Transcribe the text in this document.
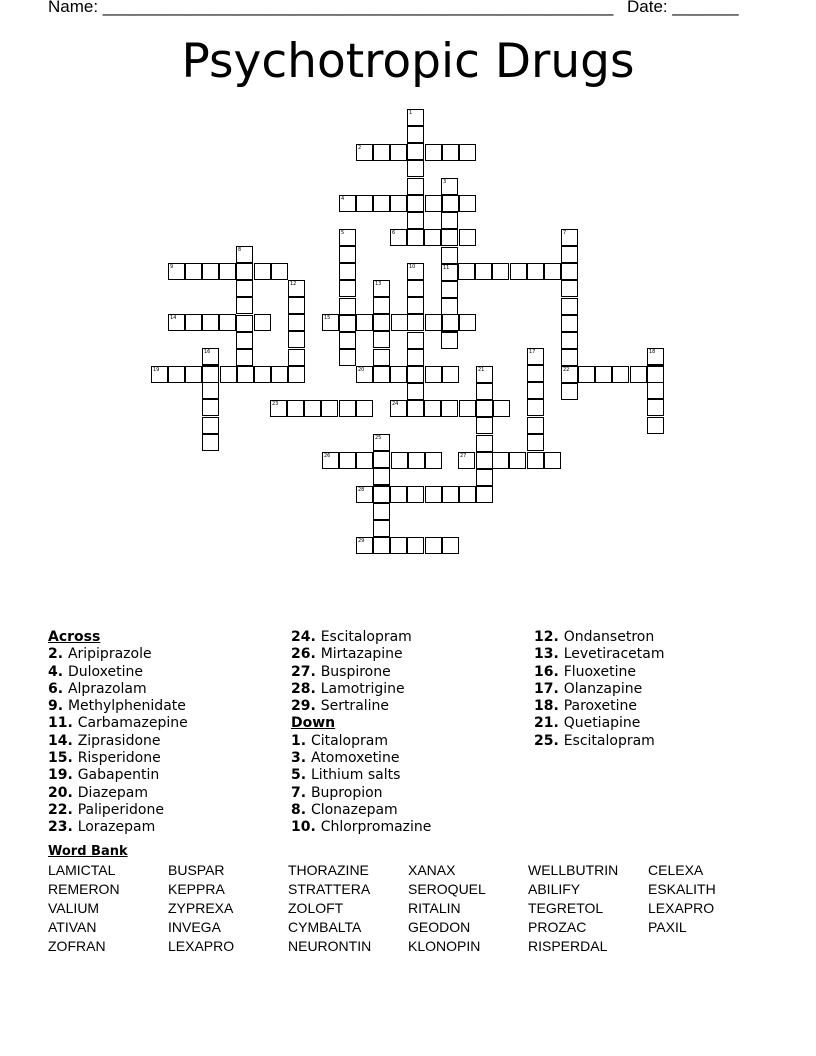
Name: ______________________________________________________ Date: _______
Psychotropic Drugs
1
2
3
11
4
5	6	7
22
8
9	10
12	13
14	15
16	17	18
19	20	21
23	24
25
26	27
28
29
Across
2. Aripiprazole
4. Duloxetine
6. Alprazolam
9. Methylphenidate
11. Carbamazepine
14. Ziprasidone
15. Risperidone
19. Gabapentin
20. Diazepam
22. Paliperidone
23. Lorazepam
24. Escitalopram
26. Mirtazapine
27. Buspirone
28. Lamotrigine
29. Sertraline
Down
1. Citalopram
3. Atomoxetine
5. Lithium salts
7. Bupropion
8. Clonazepam
10. Chlorpromazine
12. Ondansetron
13. Levetiracetam
16. Fluoxetine
17. Olanzapine
18. Paroxetine
21. Quetiapine
25. Escitalopram
Word Bank
LAMICTAL	BUSPAR	THORAZINE	XANAX	WELLBUTRIN CELEXA
REMERON	KEPPRA	STRATTERA	SEROQUEL	ABILIFY	ESKALITH
VALIUM	ZYPREXA	ZOLOFT	RITALIN	TEGRETOL	LEXAPRO
ATIVAN	INVEGA	CYMBALTA	GEODON	PROZAC	PAXIL
ZOFRAN	LEXAPRO	NEURONTIN	KLONOPIN	RISPERDAL
